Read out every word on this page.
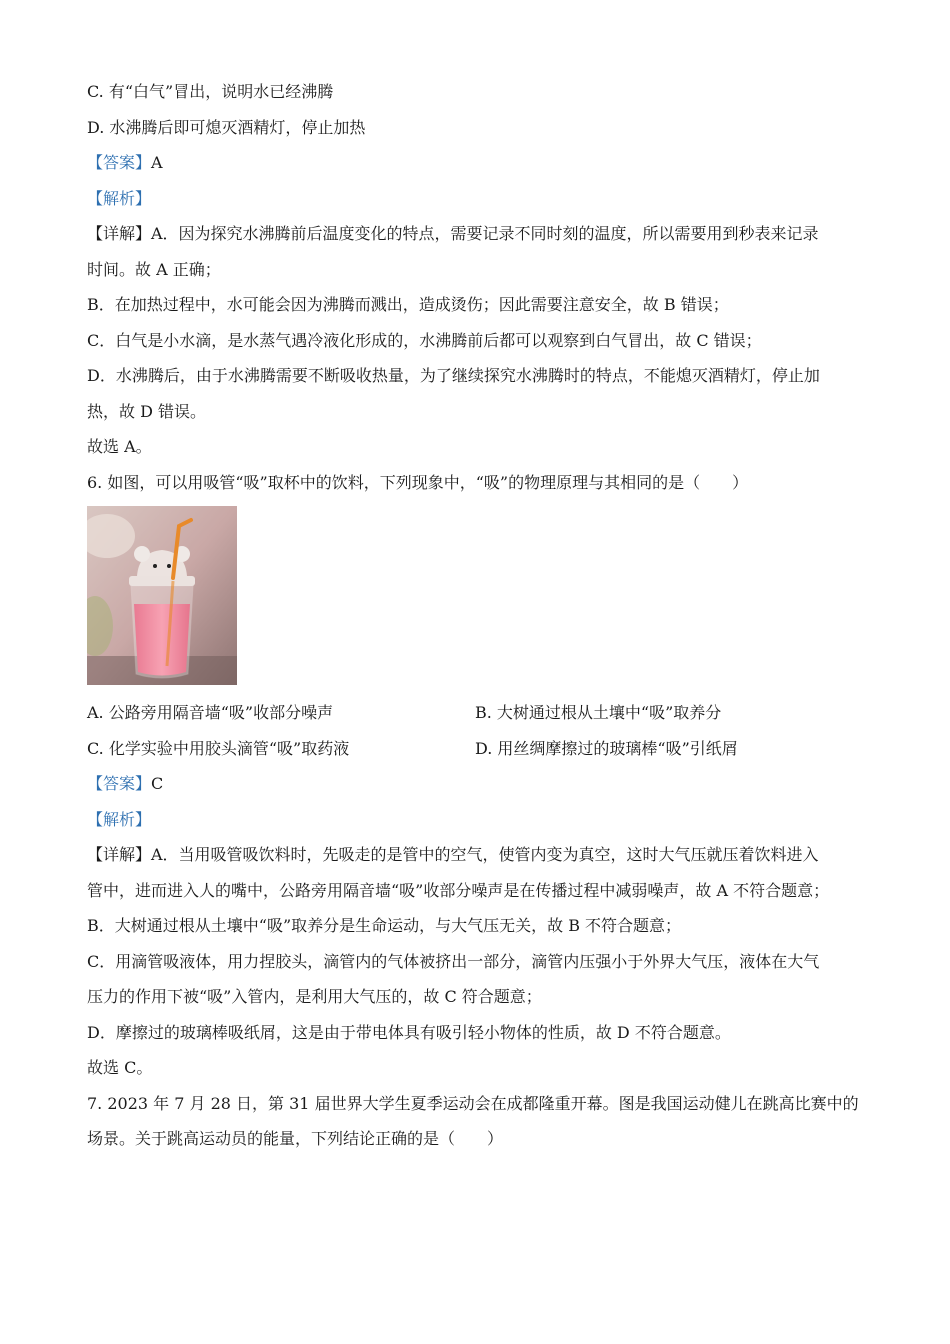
C. 有“白气”冒出，说明水已经沸腾
D. 水沸腾后即可熄灭酒精灯，停止加热
【答案】A
【解析】
【详解】A．因为探究水沸腾前后温度变化的特点，需要记录不同时刻的温度，所以需要用到秒表来记录
时间。故 A 正确；
B．在加热过程中，水可能会因为沸腾而溅出，造成烫伤；因此需要注意安全，故 B 错误；
C．白气是小水滴，是水蒸气遇冷液化形成的，水沸腾前后都可以观察到白气冒出，故 C 错误；
D．水沸腾后，由于水沸腾需要不断吸收热量，为了继续探究水沸腾时的特点，不能熄灭酒精灯，停止加
热，故 D 错误。
故选 A。
6. 如图，可以用吸管“吸”取杯中的饮料，下列现象中，“吸”的物理原理与其相同的是（　　）
A. 公路旁用隔音墙“吸”收部分噪声	B. 大树通过根从土壤中“吸”取养分
C. 化学实验中用胶头滴管“吸”取药液	D. 用丝绸摩擦过的玻璃棒“吸”引纸屑
【答案】C
【解析】
【详解】A．当用吸管吸饮料时，先吸走的是管中的空气，使管内变为真空，这时大气压就压着饮料进入
管中，进而进入人的嘴中，公路旁用隔音墙“吸”收部分噪声是在传播过程中减弱噪声，故 A 不符合题意；
B．大树通过根从土壤中“吸”取养分是生命运动，与大气压无关，故 B 不符合题意；
C．用滴管吸液体，用力捏胶头，滴管内的气体被挤出一部分，滴管内压强小于外界大气压，液体在大气
压力的作用下被“吸”入管内，是利用大气压的，故 C 符合题意；
D．摩擦过的玻璃棒吸纸屑，这是由于带电体具有吸引轻小物体的性质，故 D 不符合题意。
故选 C。
7. 2023 年 7 月 28 日，第 31 届世界大学生夏季运动会在成都隆重开幕。图是我国运动健儿在跳高比赛中的
场景。关于跳高运动员的能量，下列结论正确的是（　　）
